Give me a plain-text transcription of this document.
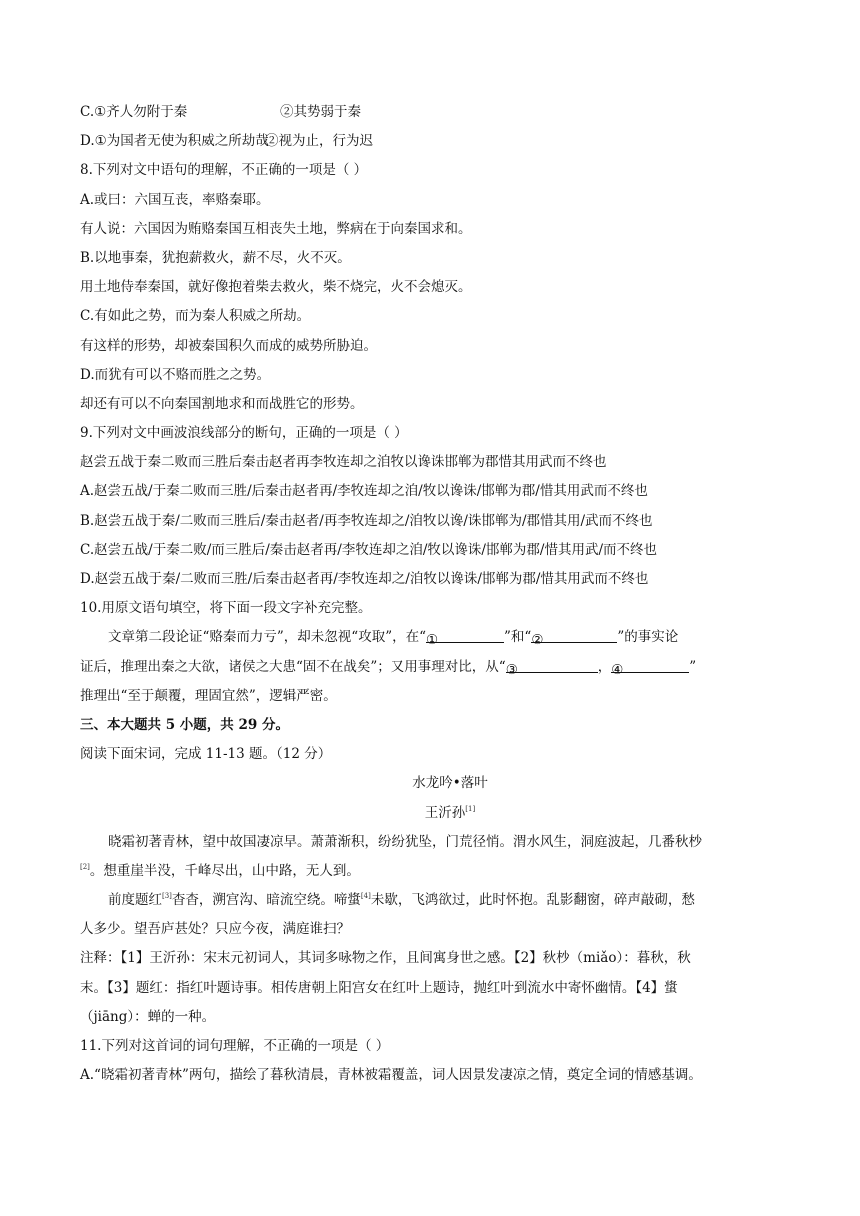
C.①齐人勿附于秦	②其势弱于秦
D.①为国者无使为积威之所劫哉②视为止，行为迟
8.下列对文中语句的理解，不正确的一项是（ ）
A.或曰：六国互丧，率赂秦耶。
有人说：六国因为贿赂秦国互相丧失土地，弊病在于向秦国求和。
B.以地事秦，犹抱薪救火，薪不尽，火不灭。
用土地侍奉秦国，就好像抱着柴去救火，柴不烧完，火不会熄灭。
C.有如此之势，而为秦人积威之所劫。
有这样的形势，却被秦国积久而成的威势所胁迫。
D.而犹有可以不赂而胜之之势。
却还有可以不向秦国割地求和而战胜它的形势。
9.下列对文中画波浪线部分的断句，正确的一项是（ ）
赵尝五战于秦二败而三胜后秦击赵者再李牧连却之洎牧以谗诛邯郸为郡惜其用武而不终也
A.赵尝五战/于秦二败而三胜/后秦击赵者再/李牧连却之洎/牧以谗诛/邯郸为郡/惜其用武而不终也
B.赵尝五战于秦/二败而三胜后/秦击赵者/再李牧连却之/洎牧以谗/诛邯郸为/郡惜其用/武而不终也
C.赵尝五战/于秦二败/而三胜后/秦击赵者再/李牧连却之洎/牧以谗诛/邯郸为郡/惜其用武/而不终也
D.赵尝五战于秦/二败而三胜/后秦击赵者再/李牧连却之/洎牧以谗诛/邯郸为郡/惜其用武而不终也
10.用原文语句填空，将下面一段文字补充完整。
文章第二段论证“赂秦而力亏”，却未忽视“攻取”，在“①	”和“②	”的事实论
证后，推理出秦之大欲，诸侯之大患“固不在战矣”；又用事理对比，从“③	，④	”
推理出“至于颠覆，理固宜然”，逻辑严密。
三、本大题共 5 小题，共 29 分。
阅读下面宋词，完成 11-13 题。（12 分）
水龙吟•落叶
王沂孙[1]
晓霜初著青林，望中故国凄凉早。萧萧渐积，纷纷犹坠，门荒径悄。渭水风生，洞庭波起，几番秋杪
[2]。想重崖半没，千峰尽出，山中路，无人到。
前度题红[3]杳杳，溯宫沟、暗流空绕。啼螀[4]未歇，飞鸿欲过，此时怀抱。乱影翻窗，碎声敲砌，愁
人多少。望吾庐甚处？只应今夜，满庭谁扫？
注释：【1】王沂孙：宋末元初词人，其词多咏物之作，且间寓身世之感。【2】秋杪（miǎo）：暮秋，秋
末。【3】题红：指红叶题诗事。相传唐朝上阳宫女在红叶上题诗，抛红叶到流水中寄怀幽情。【4】螀
（jiāng）：蝉的一种。
11.下列对这首词的词句理解，不正确的一项是（ ）
A.“晓霜初著青林”两句，描绘了暮秋清晨，青林被霜覆盖，词人因景发凄凉之情，奠定全词的情感基调。
